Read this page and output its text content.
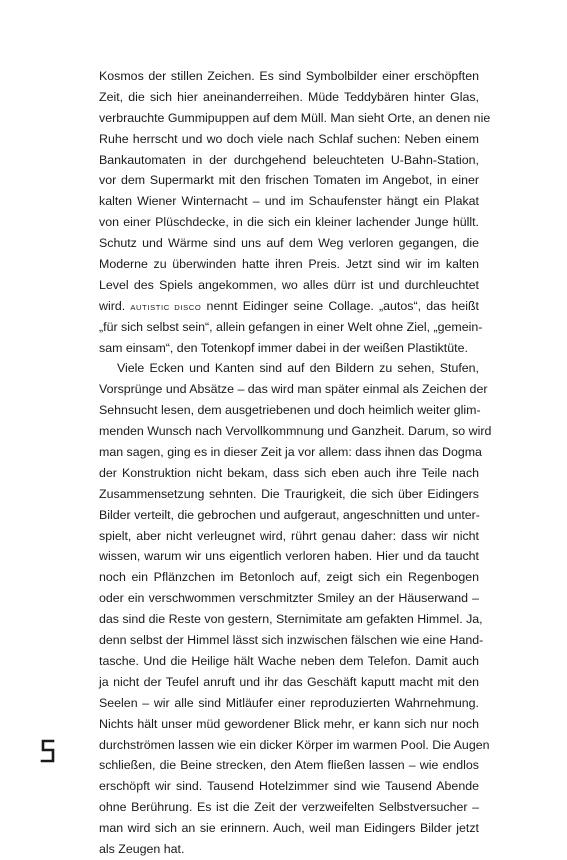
Kosmos der stillen Zeichen. Es sind Symbolbilder einer erschöpften
Zeit, die sich hier aneinanderreihen. Müde Teddybären hinter Glas,
verbrauchte Gummipuppen auf dem Müll. Man sieht Orte, an denen nie
Ruhe herrscht und wo doch viele nach Schlaf suchen: Neben einem
Bankautomaten in der durchgehend beleuchteten U-Bahn-Station,
vor dem Supermarkt mit den frischen Tomaten im Angebot, in einer
kalten Wiener Winternacht – und im Schaufenster hängt ein Plakat
von einer Plüschdecke, in die sich ein kleiner lachender Junge hüllt.
Schutz und Wärme sind uns auf dem Weg verloren gegangen, die
Moderne zu überwinden hatte ihren Preis. Jetzt sind wir im kalten
Level des Spiels angekommen, wo alles dürr ist und durchleuchtet
wird. AUTISTIC DISCO nennt Eidinger seine Collage. „autos“, das heißt
„für sich selbst sein“, allein gefangen in einer Welt ohne Ziel, „gemein-
sam einsam“, den Totenkopf immer dabei in der weißen Plastiktüte.
Viele Ecken und Kanten sind auf den Bildern zu sehen, Stufen,
Vorsprünge und Absätze – das wird man später einmal als Zeichen der
Sehnsucht lesen, dem ausgetriebenen und doch heimlich weiter glim-
menden Wunsch nach Vervollkommnung und Ganzheit. Darum, so wird
man sagen, ging es in dieser Zeit ja vor allem: dass ihnen das Dogma
der Konstruktion nicht bekam, dass sich eben auch ihre Teile nach
Zusammensetzung sehnten. Die Traurigkeit, die sich über Eidingers
Bilder verteilt, die gebrochen und aufgeraut, angeschnitten und unter-
spielt, aber nicht verleugnet wird, rührt genau daher: dass wir nicht
wissen, warum wir uns eigentlich verloren haben. Hier und da taucht
noch ein Pflänzchen im Betonloch auf, zeigt sich ein Regenbogen
oder ein verschwommen verschmitzter Smiley an der Häuserwand –
das sind die Reste von gestern, Sternimitate am gefakten Himmel. Ja,
denn selbst der Himmel lässt sich inzwischen fälschen wie eine Hand-
tasche. Und die Heilige hält Wache neben dem Telefon. Damit auch
ja nicht der Teufel anruft und ihr das Geschäft kaputt macht mit den
Seelen – wir alle sind Mitläufer einer reproduzierten Wahrnehmung.
Nichts hält unser müd gewordener Blick mehr, er kann sich nur noch
durchströmen lassen wie ein dicker Körper im warmen Pool. Die Augen
schließen, die Beine strecken, den Atem fließen lassen – wie endlos
erschöpft wir sind. Tausend Hotelzimmer sind wie Tausend Abende
ohne Berührung. Es ist die Zeit der verzweifelten Selbstversucher –
man wird sich an sie erinnern. Auch, weil man Eidingers Bilder jetzt
als Zeugen hat.
